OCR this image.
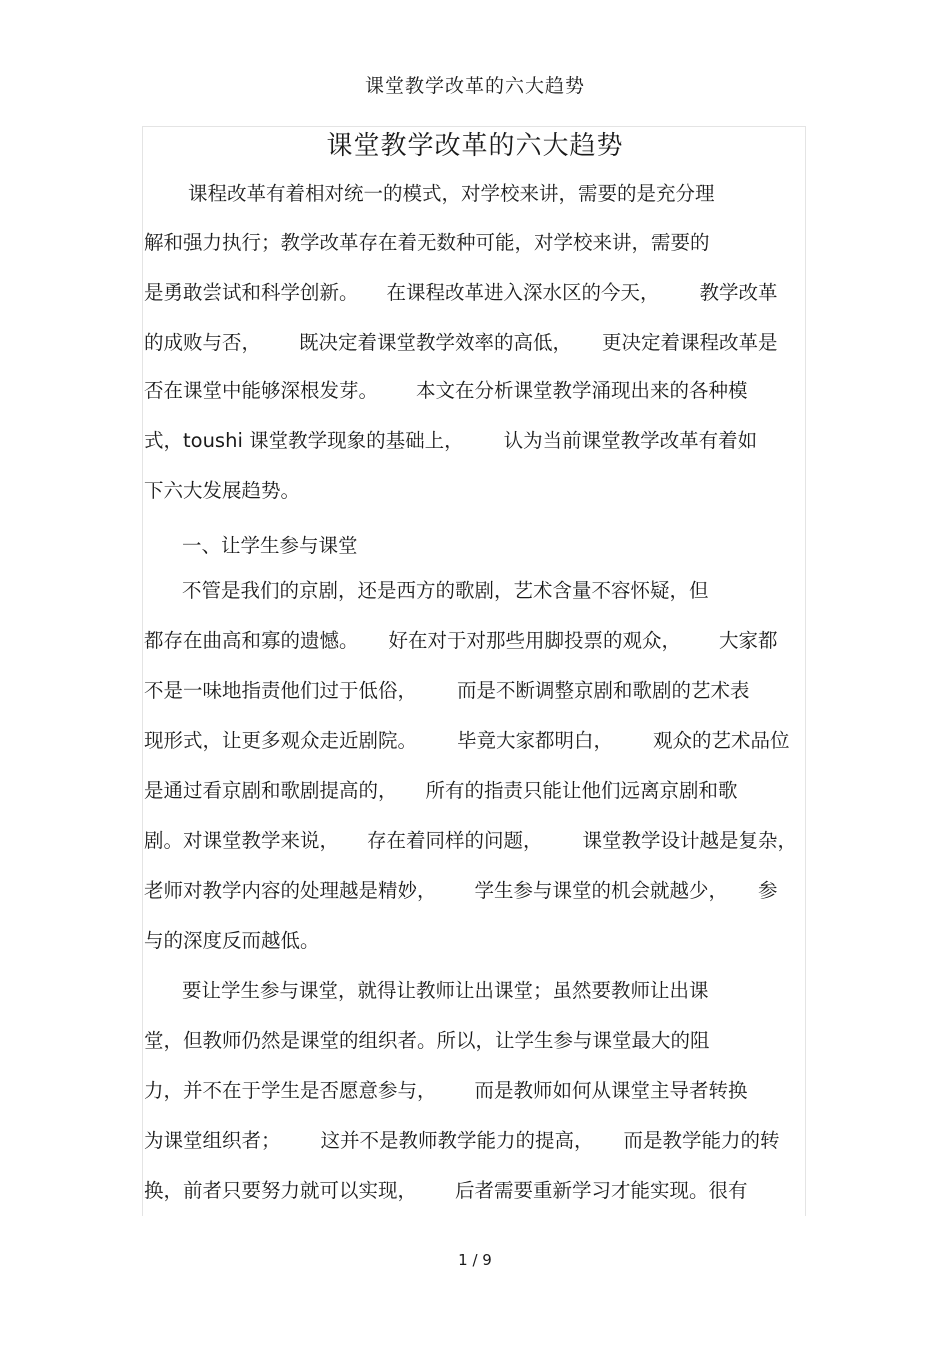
课堂教学改革的六大趋势
课堂教学改革的六大趋势
课程改革有着相对统一的模式，对学校来讲，需要的是充分理
解和强力执行；教学改革存在着无数种可能，对学校来讲，需要的
是勇敢尝试和科学创新。 在课程改革进入深水区的今天， 教学改革
的成败与否， 既决定着课堂教学效率的高低， 更决定着课程改革是
否在课堂中能够深根发芽。 本文在分析课堂教学涌现出来的各种模
式，toushi 课堂教学现象的基础上， 认为当前课堂教学改革有着如
下六大发展趋势。
一、让学生参与课堂
不管是我们的京剧，还是西方的歌剧，艺术含量不容怀疑，但
都存在曲高和寡的遗憾。 好在对于对那些用脚投票的观众， 大家都
不是一味地指责他们过于低俗， 而是不断调整京剧和歌剧的艺术表
现形式，让更多观众走近剧院。 毕竟大家都明白， 观众的艺术品位
是通过看京剧和歌剧提高的， 所有的指责只能让他们远离京剧和歌
剧。对课堂教学来说， 存在着同样的问题， 课堂教学设计越是复杂，
老师对教学内容的处理越是精妙， 学生参与课堂的机会就越少， 参
与的深度反而越低。
要让学生参与课堂，就得让教师让出课堂；虽然要教师让出课
堂，但教师仍然是课堂的组织者。所以，让学生参与课堂最大的阻
力，并不在于学生是否愿意参与， 而是教师如何从课堂主导者转换
为课堂组织者； 这并不是教师教学能力的提高， 而是教学能力的转
换，前者只要努力就可以实现， 后者需要重新学习才能实现。很有
1 / 9
